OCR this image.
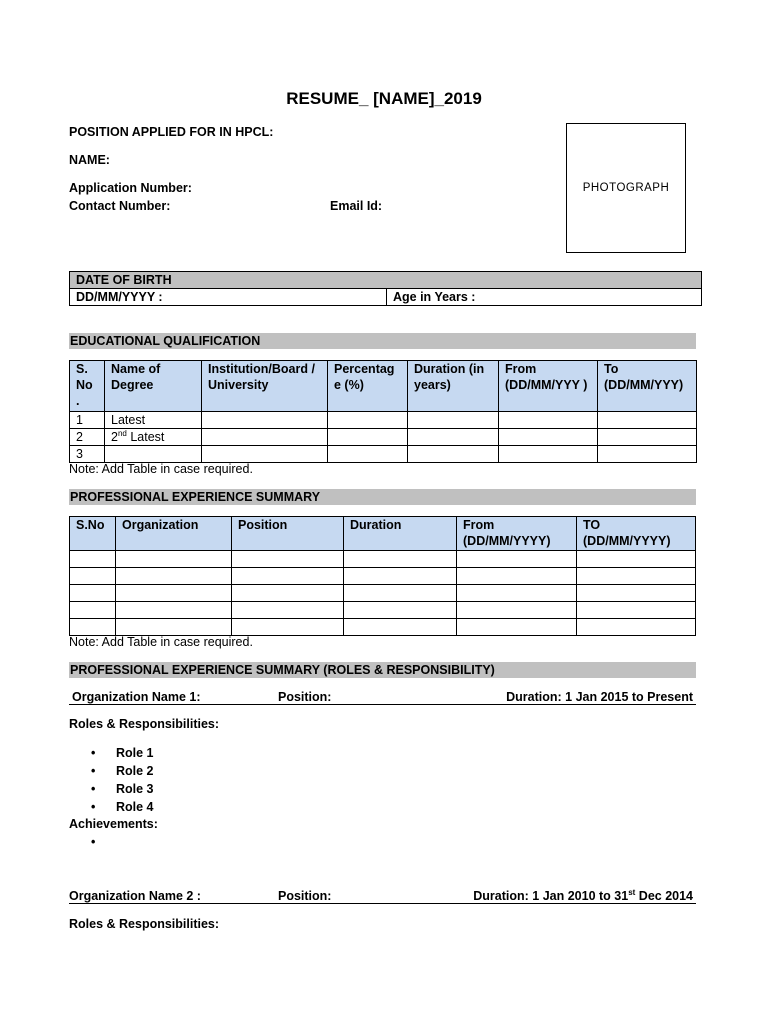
RESUME_ [NAME]_2019
POSITION APPLIED FOR IN HPCL:
NAME:
Application Number:
Contact Number:	Email Id:
PHOTOGRAPH
DATE OF BIRTH
DD/MM/YYYY :	Age in Years :
EDUCATIONAL QUALIFICATION
S. No .	Name of Degree	Institution/Board / University	Percentag e (%)	Duration (in years)	From (DD/MM/YYY )	To (DD/MM/YYY)
1	Latest					
2	2nd Latest					
3						
Note: Add Table in case required.
PROFESSIONAL EXPERIENCE SUMMARY
S.No	Organization	Position	Duration	From (DD/MM/YYYY)	TO (DD/MM/YYYY)

Note: Add Table in case required.
PROFESSIONAL EXPERIENCE SUMMARY (ROLES & RESPONSIBILITY)
Organization Name 1:	Position:	Duration: 1 Jan 2015 to Present
Roles & Responsibilities:
• Role 1
• Role 2
• Role 3
• Role 4
Achievements:
•
Organization Name 2 :	Position:	Duration: 1 Jan 2010 to 31st Dec 2014
Roles & Responsibilities:
